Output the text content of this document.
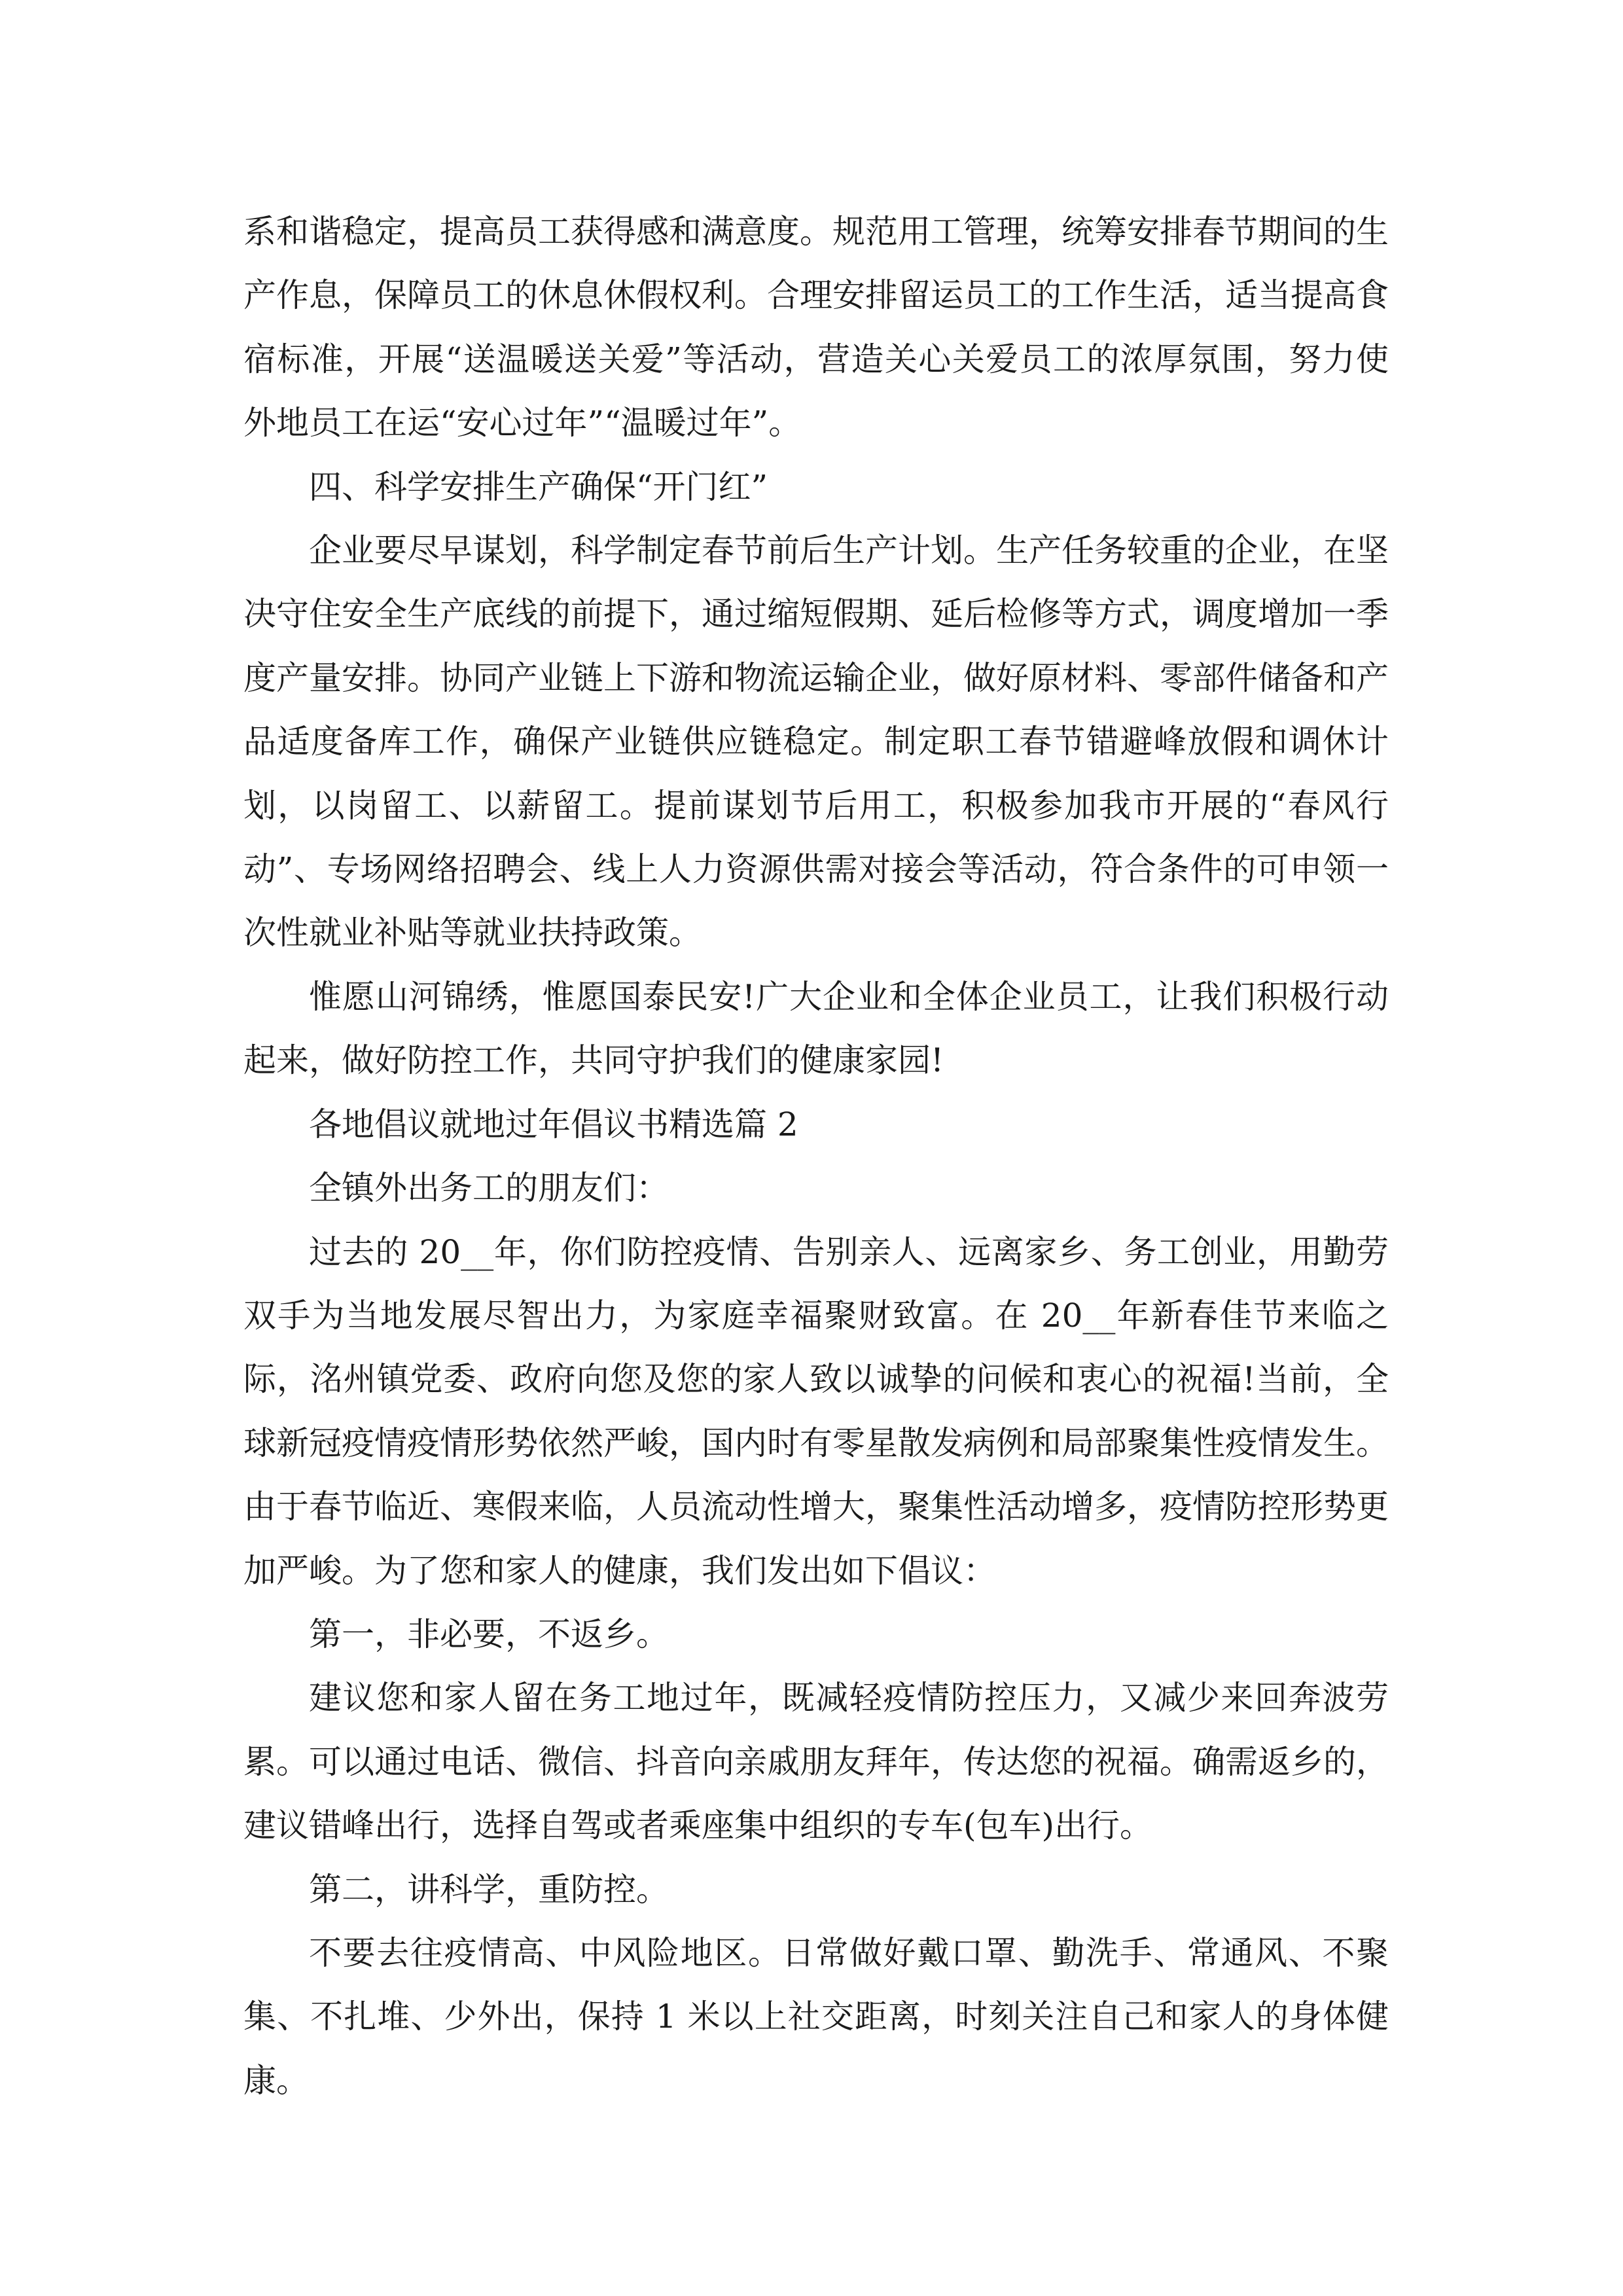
系和谐稳定，提高员工获得感和满意度。规范用工管理，统筹安排春节期间的生产作息，保障员工的休息休假权利。合理安排留运员工的工作生活，适当提高食宿标准，开展“送温暖送关爱”等活动，营造关心关爱员工的浓厚氛围，努力使外地员工在运“安心过年”“温暖过年”。

四、科学安排生产确保“开门红”

企业要尽早谋划，科学制定春节前后生产计划。生产任务较重的企业，在坚决守住安全生产底线的前提下，通过缩短假期、延后检修等方式，调度增加一季度产量安排。协同产业链上下游和物流运输企业，做好原材料、零部件储备和产品适度备库工作，确保产业链供应链稳定。制定职工春节错避峰放假和调休计划，以岗留工、以薪留工。提前谋划节后用工，积极参加我市开展的“春风行动”、专场网络招聘会、线上人力资源供需对接会等活动，符合条件的可申领一次性就业补贴等就业扶持政策。

惟愿山河锦绣，惟愿国泰民安!广大企业和全体企业员工，让我们积极行动起来，做好防控工作，共同守护我们的健康家园!

各地倡议就地过年倡议书精选篇 2

全镇外出务工的朋友们：

过去的 20__年，你们防控疫情、告别亲人、远离家乡、务工创业，用勤劳双手为当地发展尽智出力，为家庭幸福聚财致富。在 20__年新春佳节来临之际，洺州镇党委、政府向您及您的家人致以诚挚的问候和衷心的祝福!当前，全球新冠疫情疫情形势依然严峻，国内时有零星散发病例和局部聚集性疫情发生。由于春节临近、寒假来临，人员流动性增大，聚集性活动增多，疫情防控形势更加严峻。为了您和家人的健康，我们发出如下倡议：

第一，非必要，不返乡。

建议您和家人留在务工地过年，既减轻疫情防控压力，又减少来回奔波劳累。可以通过电话、微信、抖音向亲戚朋友拜年，传达您的祝福。确需返乡的，建议错峰出行，选择自驾或者乘座集中组织的专车(包车)出行。

第二，讲科学，重防控。

不要去往疫情高、中风险地区。日常做好戴口罩、勤洗手、常通风、不聚集、不扎堆、少外出，保持 1 米以上社交距离，时刻关注自己和家人的身体健康。
